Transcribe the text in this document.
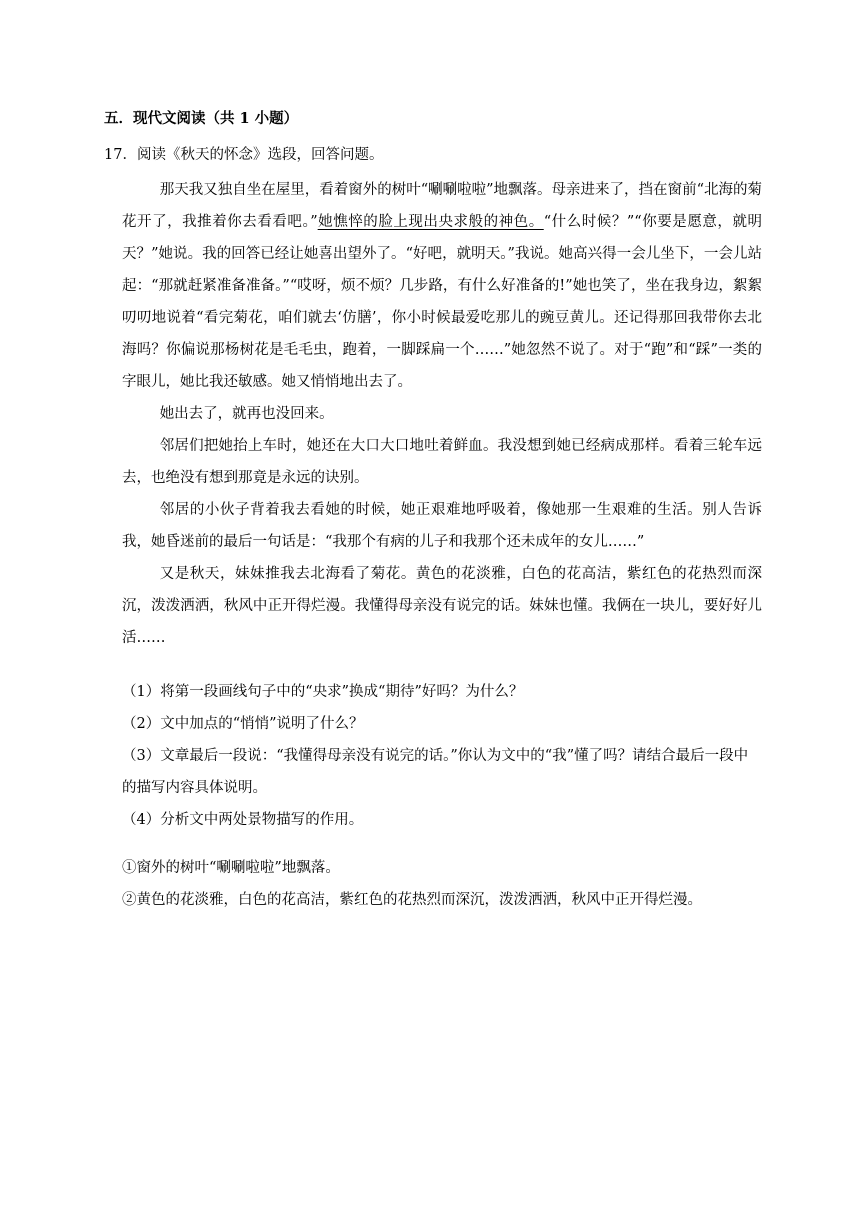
五．现代文阅读（共 1 小题）
17．阅读《秋天的怀念》选段，回答问题。

那天我又独自坐在屋里，看着窗外的树叶“唰唰啦啦”地飘落。母亲进来了，挡在窗前“北海的菊花开了，我推着你去看看吧。”她憔悴的脸上现出央求般的神色。“什么时候？”“你要是愿意，就明天？”她说。我的回答已经让她喜出望外了。“好吧，就明天。”我说。她高兴得一会儿坐下，一会儿站起：“那就赶紧准备准备。”“哎呀，烦不烦？几步路，有什么好准备的!”她也笑了，坐在我身边，絮絮叨叨地说着“看完菊花，咱们就去‘仿膳’，你小时候最爱吃那儿的豌豆黄儿。还记得那回我带你去北海吗？你偏说那杨树花是毛毛虫，跑着，一脚踩扁一个……”她忽然不说了。对于“跑”和“踩”一类的字眼儿，她比我还敏感。她又悄悄地出去了。

她出去了，就再也没回来。

邻居们把她抬上车时，她还在大口大口地吐着鲜血。我没想到她已经病成那样。看着三轮车远去，也绝没有想到那竟是永远的诀别。

邻居的小伙子背着我去看她的时候，她正艰难地呼吸着，像她那一生艰难的生活。别人告诉我，她昏迷前的最后一句话是：“我那个有病的儿子和我那个还未成年的女儿……”

又是秋天，妹妹推我去北海看了菊花。黄色的花淡雅，白色的花高洁，紫红色的花热烈而深沉，泼泼洒洒，秋风中正开得烂漫。我懂得母亲没有说完的话。妹妹也懂。我俩在一块儿，要好好儿活……

（1）将第一段画线句子中的“央求”换成“期待”好吗？为什么？

（2）文中加点的“悄悄”说明了什么？

（3）文章最后一段说：“我懂得母亲没有说完的话。”你认为文中的“我”懂了吗？请结合最后一段中的描写内容具体说明。

（4）分析文中两处景物描写的作用。

①窗外的树叶“唰唰啦啦”地飘落。

②黄色的花淡雅，白色的花高洁，紫红色的花热烈而深沉，泼泼洒洒，秋风中正开得烂漫。
